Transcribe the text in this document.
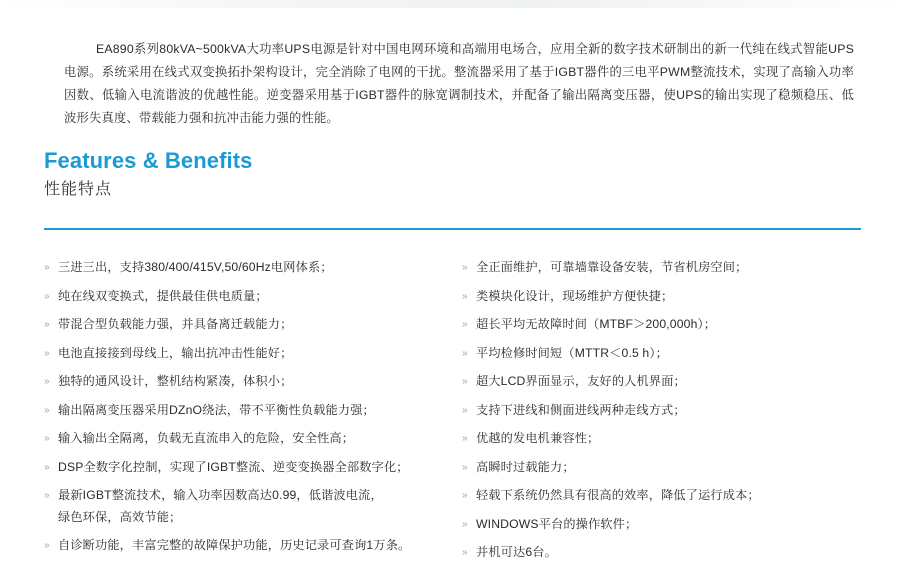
EA890系列80kVA~500kVA大功率UPS电源是针对中国电网环境和高端用电场合，应用全新的数字技术研制出的新一代纯在线式智能UPS电源。系统采用在线式双变换拓扑架构设计，完全消除了电网的干扰。整流器采用了基于IGBT器件的三电平PWM整流技术，实现了高输入功率因数、低输入电流谐波的优越性能。逆变器采用基于IGBT器件的脉宽调制技术，并配备了输出隔离变压器，使UPS的输出实现了稳频稳压、低波形失真度、带载能力强和抗冲击能力强的性能。

Features & Benefits
性能特点
» 三进三出，支持380/400/415V,50/60Hz电网体系；
» 纯在线双变换式，提供最佳供电质量；
» 带混合型负载能力强，并具备离迁载能力；
» 电池直接接到母线上，输出抗冲击性能好；
» 独特的通风设计，整机结构紧凑，体积小；
» 输出隔离变压器采用DZnO绕法，带不平衡性负载能力强；
» 输入输出全隔离，负载无直流串入的危险，安全性高；
» DSP全数字化控制，实现了IGBT整流、逆变变换器全部数字化；
» 最新IGBT整流技术，输入功率因数高达0.99，低谐波电流，
绿色环保，高效节能；
» 自诊断功能，丰富完整的故障保护功能，历史记录可查询1万条。
» 全正面维护，可靠墙靠设备安装，节省机房空间；
» 类模块化设计，现场维护方便快捷；
» 超长平均无故障时间（MTBF＞200,000h）；
» 平均检修时间短（MTTR＜0.5 h）；
» 超大LCD界面显示，友好的人机界面；
» 支持下进线和侧面进线两种走线方式；
» 优越的发电机兼容性；
» 高瞬时过载能力；
» 轻载下系统仍然具有很高的效率，降低了运行成本；
» WINDOWS平台的操作软件；
» 并机可达6台。
